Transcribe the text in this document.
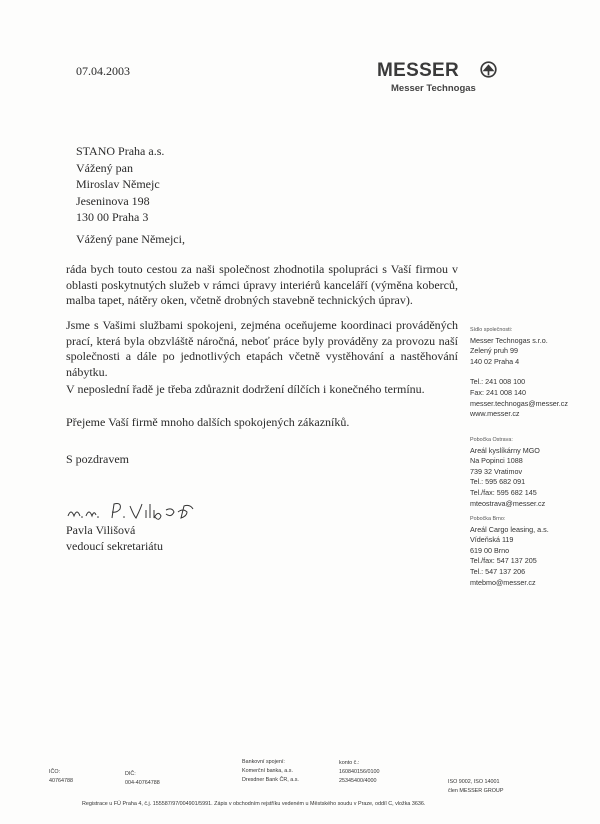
07.04.2003	MESSER
Messer Technogas
STANO Praha a.s.
Vážený pan
Miroslav Němejc
Jeseninova 198
130 00 Praha 3
Vážený pane Němejci,
ráda bych touto cestou za naši společnost zhodnotila spolupráci s Vaší firmou v oblasti poskytnutých služeb v rámci úpravy interiérů kanceláří (výměna koberců, malba tapet, nátěry oken, včetně drobných stavebně technických úprav).
Jsme s Vašimi službami spokojeni, zejména oceňujeme koordinaci prováděných prací, která byla obzvláště náročná, neboť práce byly prováděny za provozu naší společnosti a dále po jednotlivých etapách včetně vystěhování a nastěhování nábytku.
V neposlední řadě je třeba zdůraznit dodržení dílčích i konečného termínu.
Přejeme Vaší firmě mnoho dalších spokojených zákazníků.
S pozdravem
Pavla Vilišová
vedoucí sekretariátu
Sídlo společnosti:
Messer Technogas s.r.o.
Zelený pruh 99
140 02 Praha 4
Tel.: 241 008 100
Fax: 241 008 140
messer.technogas@messer.cz
www.messer.cz
Pobočka Ostrava:
Areál kyslíkárny MGO
Na Popinci 1088
739 32 Vratimov
Tel.: 595 682 091
Tel./fax: 595 682 145
mteostrava@messer.cz
Pobočka Brno:
Areál Cargo leasing, a.s.
Vídeňská 119
619 00 Brno
Tel./fax: 547 137 205
Tel.: 547 137 206
mtebmo@messer.cz
IČO:
40764788
DIČ:
004-40764788
Bankovní spojení:
Komerční banka, a.s.
Dresdner Bank ČR, a.s.
konto č.:
160840156/0100
25345400/4000	ISO 9002, ISO 14001
člen MESSER GROUP
Registrace u FÚ Praha 4, č.j. 155587/97/004901/5991. Zápis v obchodním rejstříku vedeném u Městského soudu v Praze, oddíl C, vložka 3636.
